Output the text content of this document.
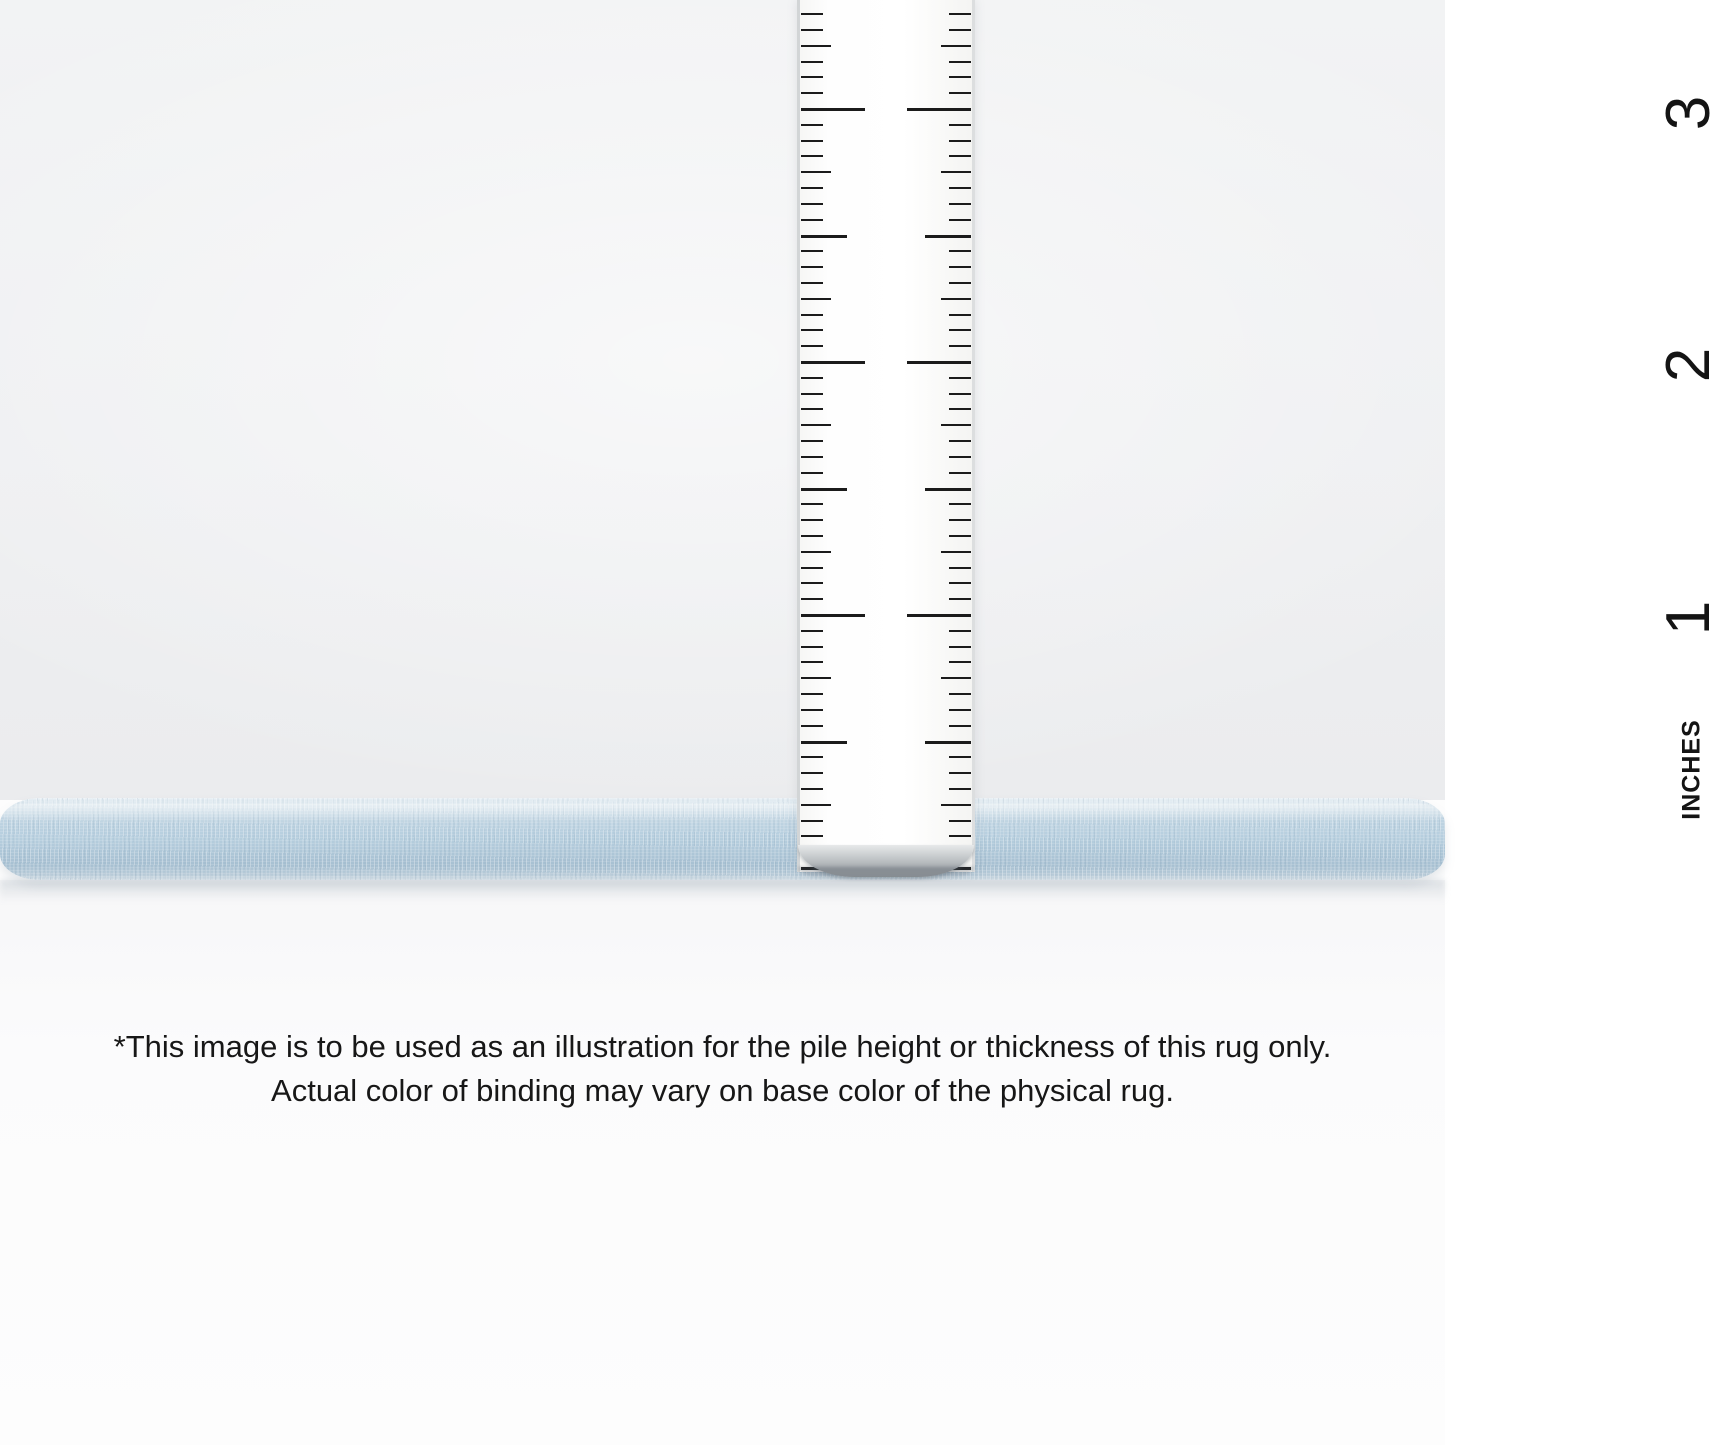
3
2
1
INCHES
*This image is to be used as an illustration for the pile height or thickness of this rug only.
Actual color of binding may vary on base color of the physical rug.
